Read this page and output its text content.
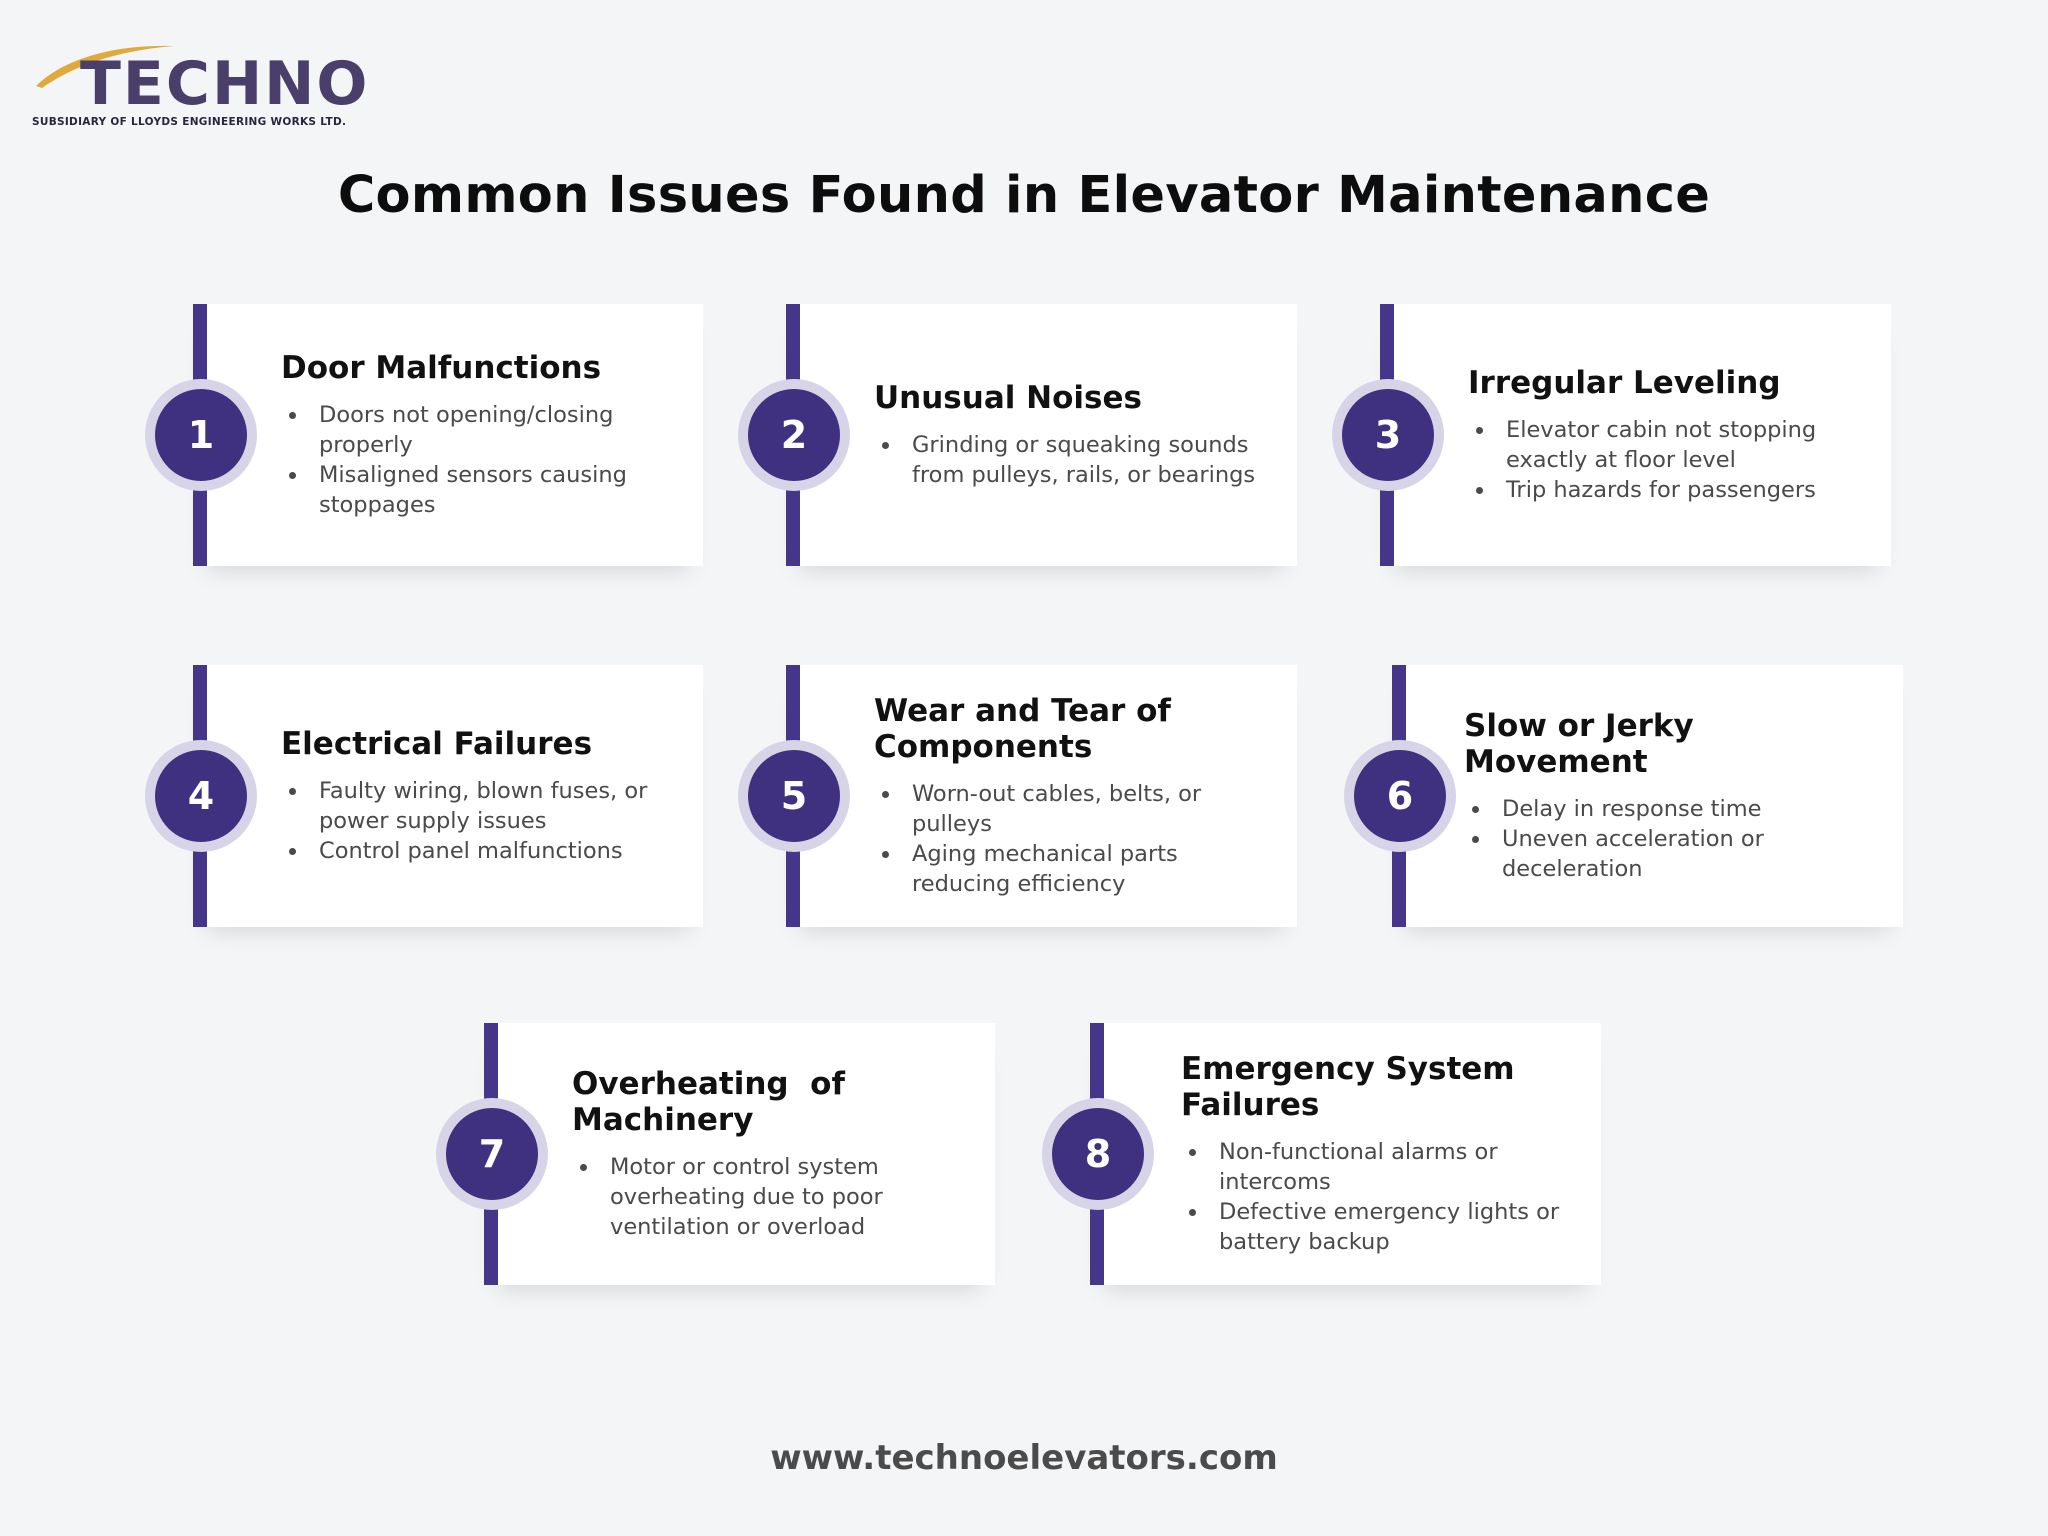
TECHNO
SUBSIDIARY OF LLOYDS ENGINEERING WORKS LTD.
Common Issues Found in Elevator Maintenance
1
Door Malfunctions
Doors not opening/closing properly
Misaligned sensors causing stoppages
2
Unusual Noises
Grinding or squeaking sounds from pulleys, rails, or bearings
3
Irregular Leveling
Elevator cabin not stopping exactly at floor level
Trip hazards for passengers
4
Electrical Failures
Faulty wiring, blown fuses, or power supply issues
Control panel malfunctions
5
Wear and Tear of Components
Worn-out cables, belts, or pulleys
Aging mechanical parts reducing efficiency
6
Slow or Jerky Movement
Delay in response time
Uneven acceleration or deceleration
7
Overheating  of Machinery
Motor or control system overheating due to poor ventilation or overload
8
Emergency System Failures
Non-functional alarms or intercoms
Defective emergency lights or battery backup

www.technoelevators.com
